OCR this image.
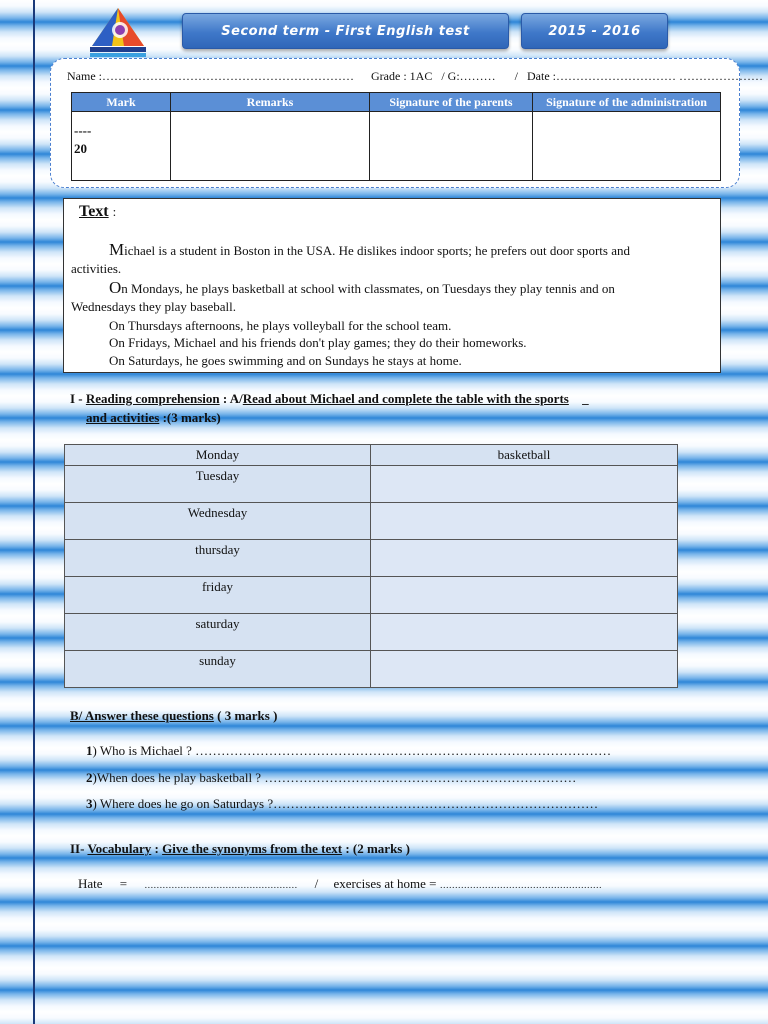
Second term - First English test	2015 - 2016
Name :……………………………………………………… Grade : 1AC / G:……… / Date :………………………… …………………
Mark	Remarks	Signature of the parents	Signature of the administration

----
20			

Text :
Michael is a student in Boston in the USA. He dislikes indoor sports; he prefers out door sports and activities.
On Mondays, he plays basketball at school with classmates, on Tuesdays they play tennis and on Wednesdays they play baseball.
On Thursdays afternoons, he plays volleyball for the school team.
On Fridays, Michael and his friends don't play games; they do their homeworks.
On Saturdays, he goes swimming and on Sundays he stays at home.
I - Reading comprehension : A/Read about Michael and complete the table with the sports _
and activities :(3 marks)
Monday	basketball
Tuesday	
Wednesday	
thursday	
friday	
saturday	
sunday	
B/ Answer these questions ( 3 marks )
1) Who is Michael ? ……………………………………………………………………………………
2)When does he play basketball ? ………………………………………………………………
3) Where does he go on Saturdays ?…………………………………………………………………
II- Vocabulary : Give the synonyms from the text : (2 marks )
Hate = …………………………………………… / exercises at home = ………………………………………………
